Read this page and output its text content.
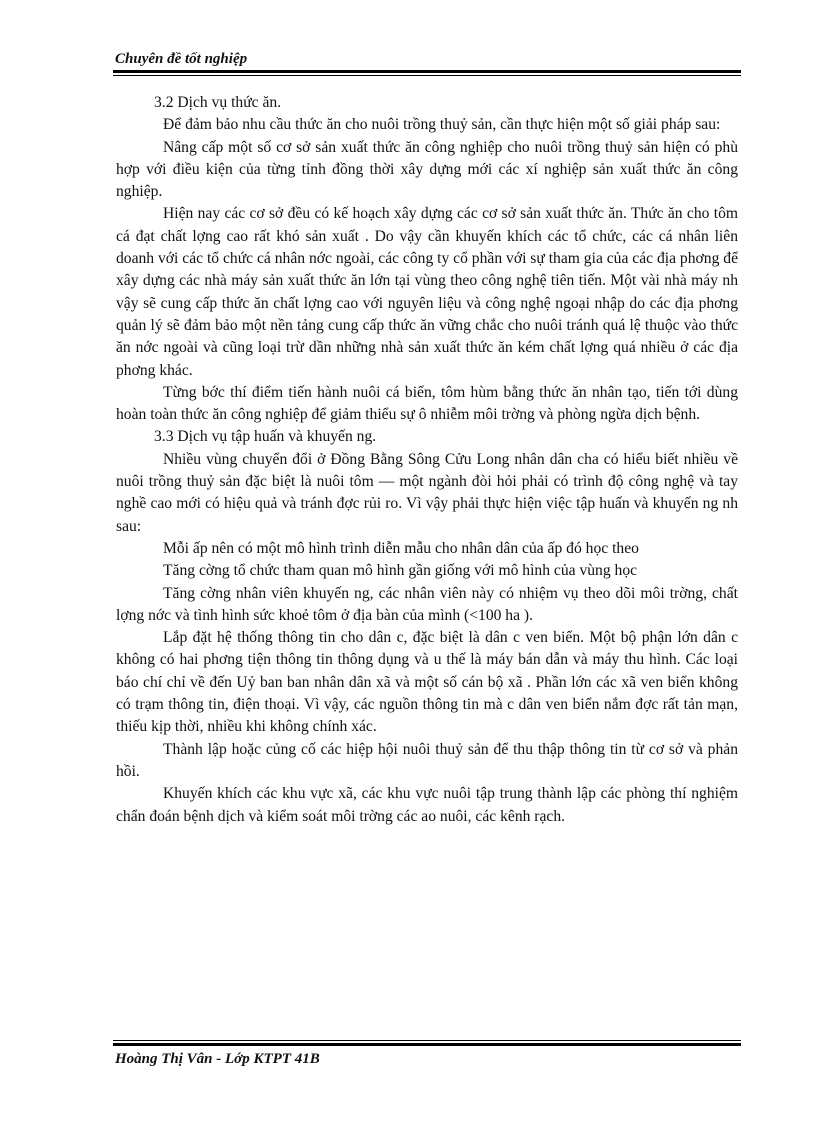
Chuyên đề tốt nghiệp

3.2 Dịch vụ thức ăn.

Để đảm bảo nhu cầu thức ăn cho nuôi trồng thuỷ sản, cần thực hiện một số giải pháp sau:

Nâng cấp một số cơ sở sản xuất thức ăn công nghiệp cho nuôi trồng thuỷ sản hiện có phù hợp với điều kiện của từng tỉnh đồng thời xây dựng mới các xí nghiệp sản xuất thức ăn công nghiệp.

Hiện nay các cơ sở đều có kế hoạch xây dựng các cơ sở sản xuất thức ăn. Thức ăn cho tôm cá đạt chất lợng cao rất khó sản xuất . Do vậy cần khuyến khích các tổ chức, các cá nhân liên doanh với các tổ chức cá nhân nớc ngoài, các công ty cổ phần với sự tham gia của các địa phơng để xây dựng các nhà máy sản xuất thức ăn lớn tại vùng theo công nghệ tiên tiến. Một vài nhà máy nh vậy sẽ cung cấp thức ăn chất lợng cao với nguyên liệu và công nghệ ngoại nhập do các địa phơng quản lý sẽ đảm bảo một nền tảng cung cấp thức ăn vững chắc cho nuôi tránh quá lệ thuộc vào thức ăn nớc ngoài và cũng loại trừ dần những nhà sản xuất thức ăn kém chất lợng quá nhiều ở các địa phơng khác.

Từng bớc thí điểm tiến hành nuôi cá biển, tôm hùm bằng thức ăn nhân tạo, tiến tới dùng hoàn toàn thức ăn công nghiệp để giảm thiểu sự ô nhiễm môi trờng và phòng ngừa dịch bệnh.

3.3 Dịch vụ tập huấn và khuyến ng.

Nhiều vùng chuyển đổi ở Đồng Bằng Sông Cửu Long nhân dân cha có hiểu biết nhiều về nuôi trồng thuỷ sản đặc biệt là nuôi tôm — một ngành đòi hỏi phải có trình độ công nghệ và tay nghề cao mới có hiệu quả và tránh đợc rủi ro. Vì vậy phải thực hiện việc tập huấn và khuyến ng nh sau:

Mỗi ấp nên có một mô hình trình diễn mẫu cho nhân dân của ấp đó học theo

Tăng cờng tổ chức tham quan mô hình gần giống với mô hình của vùng học

Tăng cờng nhân viên khuyến ng, các nhân viên này có nhiệm vụ theo dõi môi trờng, chất lợng nớc và tình hình sức khoẻ tôm ở địa bàn của mình (<100 ha ).

Lắp đặt hệ thống thông tin cho dân c, đặc biệt là dân c ven biển. Một bộ phận lớn dân c không có hai phơng tiện thông tin thông dụng và u thế là máy bán dẫn và máy thu hình. Các loại báo chí chỉ về đến Uỷ ban ban nhân dân xã và một số cán bộ xã . Phần lớn các xã ven biển không có trạm thông tin, điện thoại. Vì vậy, các nguồn thông tin mà c dân ven biển nắm đợc rất tản mạn, thiếu kịp thời, nhiều khi không chính xác.

Thành lập hoặc củng cố các hiệp hội nuôi thuỷ sản để thu thập thông tin từ cơ sở và phản hồi.

Khuyến khích các khu vực xã, các khu vực nuôi tập trung thành lập các phòng thí nghiệm chẩn đoán bệnh dịch và kiểm soát môi trờng các ao nuôi, các kênh rạch.

Hoàng Thị Vân - Lớp KTPT 41B
